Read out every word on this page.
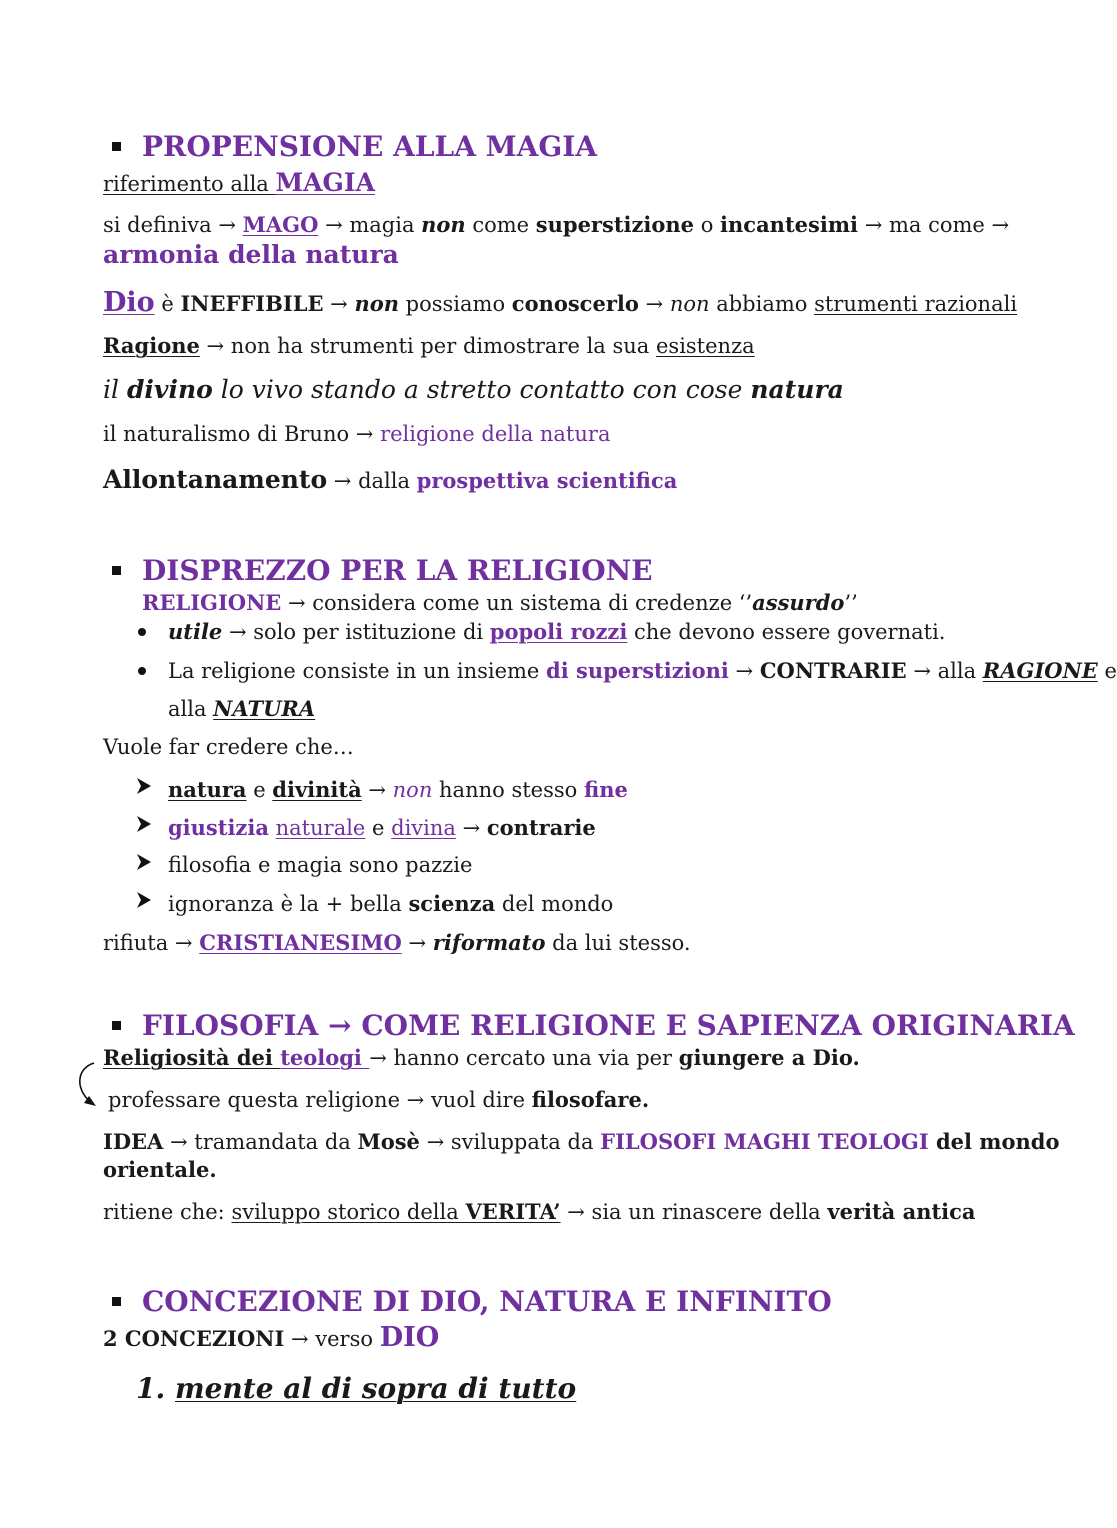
PROPENSIONE ALLA MAGIA
riferimento alla MAGIA
si definiva → MAGO → magia non come superstizione o incantesimi → ma come →
armonia della natura
Dio è INEFFIBILE → non possiamo conoscerlo → non abbiamo strumenti razionali
Ragione → non ha strumenti per dimostrare la sua esistenza
il divino lo vivo stando a stretto contatto con cose natura
il naturalismo di Bruno → religione della natura
Allontanamento → dalla prospettiva scientifica
DISPREZZO PER LA RELIGIONE
RELIGIONE → considera come un sistema di credenze ‘’assurdo’’
utile → solo per istituzione di popoli rozzi che devono essere governati.
La religione consiste in un insieme di superstizioni → CONTRARIE → alla RAGIONE e
alla NATURA
Vuole far credere che…
natura e divinità → non hanno stesso fine
giustizia naturale e divina → contrarie
filosofia e magia sono pazzie
ignoranza è la + bella scienza del mondo
rifiuta → CRISTIANESIMO → riformato da lui stesso.
FILOSOFIA → COME RELIGIONE E SAPIENZA ORIGINARIA
Religiosità dei teologi → hanno cercato una via per giungere a Dio.
professare questa religione → vuol dire filosofare.
IDEA → tramandata da Mosè → sviluppata da FILOSOFI MAGHI TEOLOGI del mondo
orientale.
ritiene che: sviluppo storico della VERITA’ → sia un rinascere della verità antica
CONCEZIONE DI DIO, NATURA E INFINITO
2 CONCEZIONI → verso DIO
1. mente al di sopra di tutto
